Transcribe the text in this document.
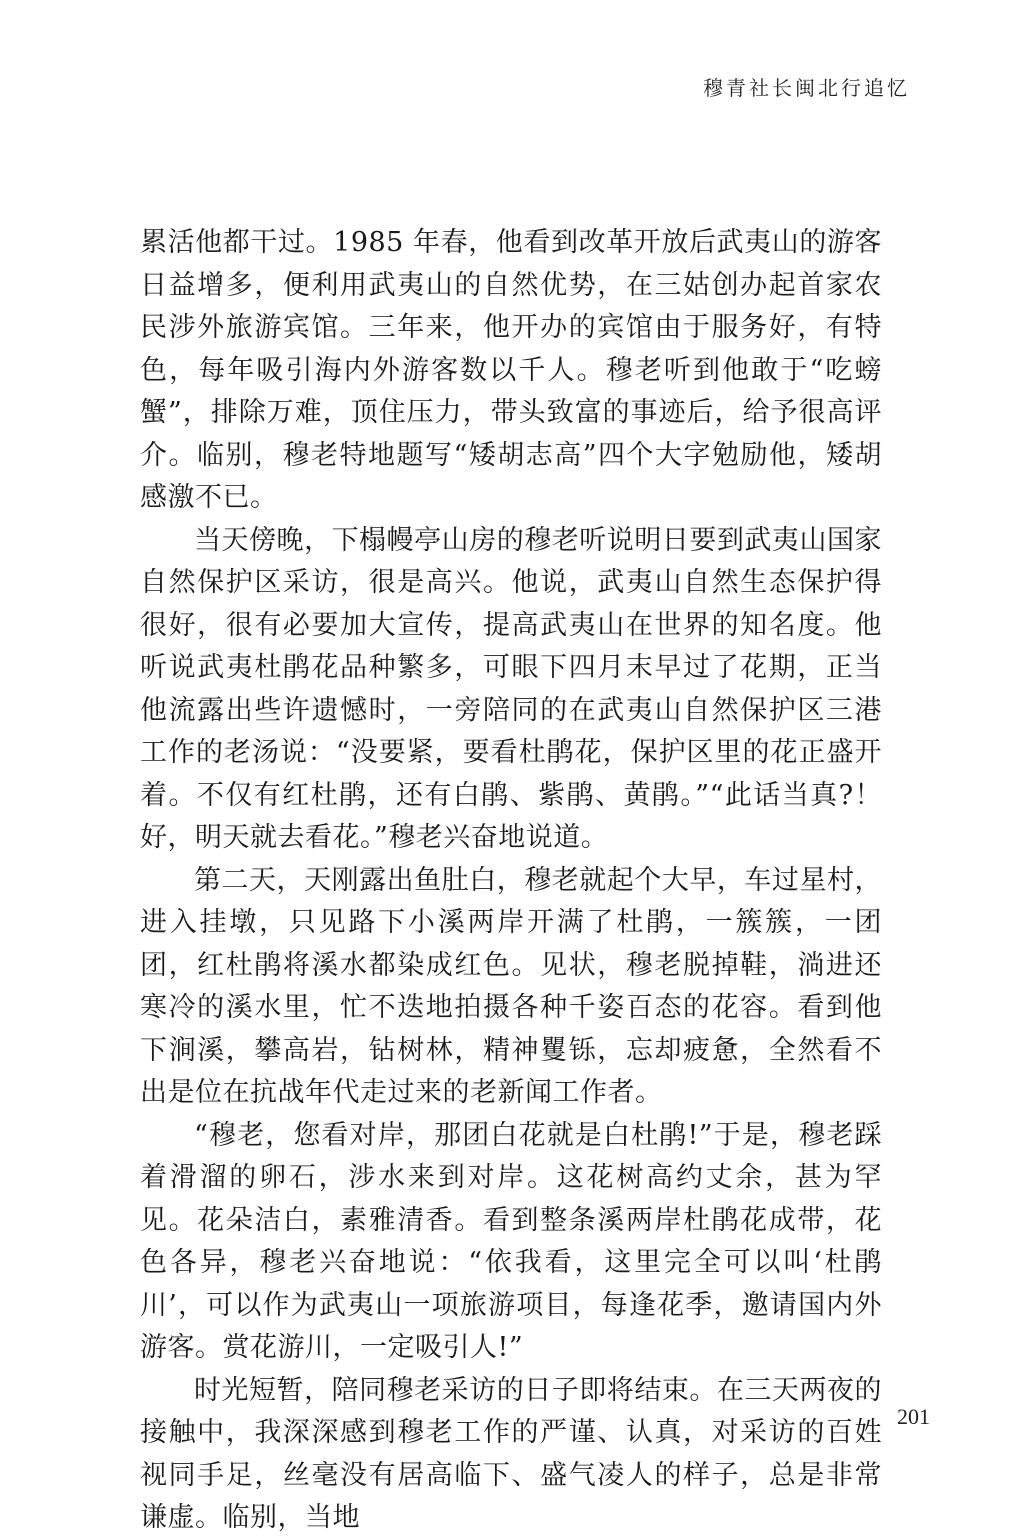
穆青社长闽北行追忆

累活他都干过。1985 年春，他看到改革开放后武夷山的游客日益增多，便利用武夷山的自然优势，在三姑创办起首家农民涉外旅游宾馆。三年来，他开办的宾馆由于服务好，有特色，每年吸引海内外游客数以千人。穆老听到他敢于“吃螃蟹”，排除万难，顶住压力，带头致富的事迹后，给予很高评介。临别，穆老特地题写“矮胡志高”四个大字勉励他，矮胡感激不已。

当天傍晚，下榻幔亭山房的穆老听说明日要到武夷山国家自然保护区采访，很是高兴。他说，武夷山自然生态保护得很好，很有必要加大宣传，提高武夷山在世界的知名度。他听说武夷杜鹃花品种繁多，可眼下四月末早过了花期，正当他流露出些许遗憾时，一旁陪同的在武夷山自然保护区三港工作的老汤说：“没要紧，要看杜鹃花，保护区里的花正盛开着。不仅有红杜鹃，还有白鹃、紫鹃、黄鹃。”“此话当真?！好，明天就去看花。”穆老兴奋地说道。

第二天，天刚露出鱼肚白，穆老就起个大早，车过星村，进入挂墩，只见路下小溪两岸开满了杜鹃，一簇簇，一团团，红杜鹃将溪水都染成红色。见状，穆老脱掉鞋，淌进还寒冷的溪水里，忙不迭地拍摄各种千姿百态的花容。看到他下涧溪，攀高岩，钻树林，精神矍铄，忘却疲惫，全然看不出是位在抗战年代走过来的老新闻工作者。

“穆老，您看对岸，那团白花就是白杜鹃!”于是，穆老踩着滑溜的卵石，涉水来到对岸。这花树高约丈余，甚为罕见。花朵洁白，素雅清香。看到整条溪两岸杜鹃花成带，花色各异，穆老兴奋地说：“依我看，这里完全可以叫‘杜鹃川’，可以作为武夷山一项旅游项目，每逢花季，邀请国内外游客。赏花游川，一定吸引人!”

时光短暂，陪同穆老采访的日子即将结束。在三天两夜的接触中，我深深感到穆老工作的严谨、认真，对采访的百姓视同手足，丝毫没有居高临下、盛气凌人的样子，总是非常谦虚。临别，当地

201
